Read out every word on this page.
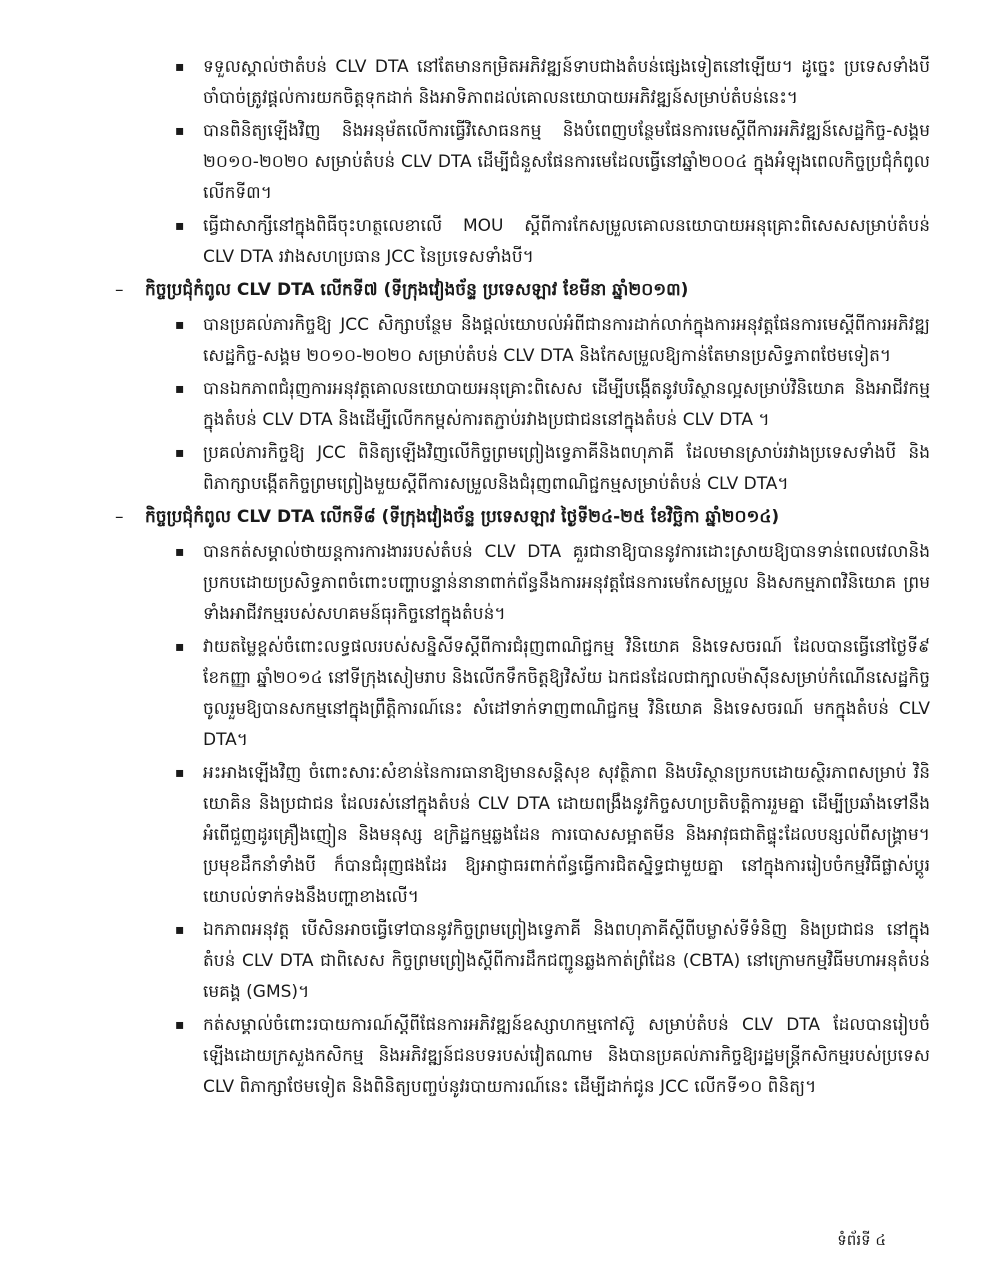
▪ ទទួលស្គាល់ថាតំបន់ CLV DTA នៅតែមានកម្រិតអភិវឌ្ឍន៍ទាបជាងតំបន់ផ្សេងទៀតនៅឡើយ។ ដូច្នេះ ប្រទេសទាំងបី ចាំបាច់ត្រូវផ្តល់ការយកចិត្តទុកដាក់ និងអាទិភាពដល់គោលនយោបាយអភិវឌ្ឍន៍សម្រាប់តំបន់នេះ។
▪ បានពិនិត្យឡើងវិញ និងអនុម័តលើការធ្វើវិសោធនកម្ម និងបំពេញបន្ថែមផែនការមេស្តីពីការអភិវឌ្ឍន៍សេដ្ឋកិច្ច-សង្គម ២០១០-២០២០ សម្រាប់តំបន់ CLV DTA ដើម្បីជំនួសផែនការមេដែលធ្វើនៅឆ្នាំ២០០៤ ក្នុងអំឡុងពេលកិច្ចប្រជុំកំពូលលើកទី៣។
▪ ធ្វើជាសាក្សីនៅក្នុងពិធីចុះហត្ថលេខាលើ MOU ស្តីពីការកែសម្រួលគោលនយោបាយអនុគ្រោះពិសេសសម្រាប់តំបន់ CLV DTA រវាងសហប្រធាន JCC នៃប្រទេសទាំងបី។
– កិច្ចប្រជុំកំពូល CLV DTA លើកទី៧ (ទីក្រុងវៀងច័ន្ទ ប្រទេសឡាវ ខែមីនា ឆ្នាំ២០១៣)
▪ បានប្រគល់ភារកិច្ចឱ្យ JCC សិក្សាបន្ថែម និងផ្តល់យោបល់អំពីជានការដាក់លាក់ក្នុងការអនុវត្តផែនការមេស្តីពីការអភិវឌ្ឍសេដ្ឋកិច្ច-សង្គម ២០១០-២០២០ សម្រាប់តំបន់ CLV DTA និងកែសម្រួលឱ្យកាន់តែមានប្រសិទ្ធភាពថែមទៀត។
▪ បានឯកភាពជំរុញការអនុវត្តគោលនយោបាយអនុគ្រោះពិសេស ដើម្បីបង្កើតនូវបរិស្ថានល្អសម្រាប់វិនិយោគ និងអាជីវកម្ម ក្នុងតំបន់ CLV DTA និងដើម្បីលើកកម្ពស់ការតភ្ជាប់រវាងប្រជាជននៅក្នុងតំបន់ CLV DTA ។
▪ ប្រគល់ភារកិច្ចឱ្យ JCC ពិនិត្យឡើងវិញលើកិច្ចព្រមព្រៀងទ្វេភាគីនិងពហុភាគី ដែលមានស្រាប់រវាងប្រទេសទាំងបី និងពិភាក្សាបង្កើតកិច្ចព្រមព្រៀងមួយស្តីពីការសម្រួលនិងជំរុញពាណិជ្ជកម្មសម្រាប់តំបន់ CLV DTA។
– កិច្ចប្រជុំកំពូល CLV DTA លើកទី៨ (ទីក្រុងវៀងច័ន្ទ ប្រទេសឡាវ ថ្ងៃទី២៤-២៥ ខែវិច្ឆិកា ឆ្នាំ២០១៤)
▪ បានកត់សម្គាល់ថាយន្តការការងាររបស់តំបន់ CLV DTA គួរជានាឱ្យបាននូវការដោះស្រាយឱ្យបានទាន់ពេលវេលានិងប្រកបដោយប្រសិទ្ធភាពចំពោះបញ្ហាបន្ទាន់នានាពាក់ព័ន្ធនឹងការអនុវត្តផែនការមេកែសម្រួល និងសកម្មភាពវិនិយោគ ព្រមទាំងអាជីវកម្មរបស់សហគមន៍ធុរកិច្ចនៅក្នុងតំបន់។
▪ វាយតម្លៃខ្ពស់ចំពោះលទ្ធផលរបស់សន្និសីទស្តីពីការជំរុញពាណិជ្ជកម្ម វិនិយោគ និងទេសចរណ៍ ដែលបានធ្វើនៅថ្ងៃទី៩ ខែកញ្ញា ឆ្នាំ២០១៤ នៅទីក្រុងសៀមរាប និងលើកទឹកចិត្តឱ្យវិស័យ ឯកជនដែលជាក្បាលម៉ាស៊ីនសម្រាប់កំណើនសេដ្ឋកិច្ច ចូលរួមឱ្យបានសកម្មនៅក្នុងព្រឹត្តិការណ៍នេះ សំដៅទាក់ទាញពាណិជ្ជកម្ម វិនិយោគ និងទេសចរណ៍ មកក្នុងតំបន់ CLV DTA។
▪ អះអាងឡើងវិញ ចំពោះសារៈសំខាន់នៃការធានាឱ្យមានសន្តិសុខ សុវត្ថិភាព និងបរិស្ថានប្រកបដោយស្ថិរភាពសម្រាប់ វិនិយោគិន និងប្រជាជន ដែលរស់នៅក្នុងតំបន់ CLV DTA ដោយពង្រឹងនូវកិច្ចសហប្រតិបត្តិការរួមគ្នា ដើម្បីប្រឆាំងទៅនឹងអំពើជួញដូរគ្រឿងញៀន និងមនុស្ស ឧក្រិដ្ឋកម្មឆ្លងដែន ការបោសសម្អាតមីន និងអាវុធជាតិផ្ទុះដែលបន្សល់ពីសង្គ្រាម។ ប្រមុខដឹកនាំទាំងបី ក៏បានជំរុញផងដែរ ឱ្យអាជ្ញាធរពាក់ព័ន្ធធ្វើការជិតស្និទ្ធជាមួយគ្នា នៅក្នុងការរៀបចំកម្មវិធីផ្លាស់ប្តូរយោបល់ទាក់ទងនឹងបញ្ហាខាងលើ។
▪ ឯកភាពអនុវត្ត បើសិនអាចធ្វើទៅបាននូវកិច្ចព្រមព្រៀងទ្វេភាគី និងពហុភាគីស្តីពីបម្លាស់ទីទំនិញ និងប្រជាជន នៅក្នុងតំបន់ CLV DTA ជាពិសេស កិច្ចព្រមព្រៀងស្តីពីការដឹកជញ្ជូនឆ្លងកាត់ព្រំដែន (CBTA) នៅក្រោមកម្មវិធីមហាអនុតំបន់មេគង្គ (GMS)។
▪ កត់សម្គាល់ចំពោះរបាយការណ៍ស្តីពីផែនការអភិវឌ្ឍន៍ឧស្សាហកម្មកៅស៊ូ សម្រាប់តំបន់ CLV DTA ដែលបានរៀបចំឡើងដោយក្រសួងកសិកម្ម និងអភិវឌ្ឍន៍ជនបទរបស់វៀតណាម និងបានប្រគល់ភារកិច្ចឱ្យរដ្ឋមន្ត្រីកសិកម្មរបស់ប្រទេស CLV ពិភាក្សាថែមទៀត និងពិនិត្យបញ្ចប់នូវរបាយការណ៍នេះ ដើម្បីដាក់ជូន JCC លើកទី១០ ពិនិត្យ។
ទំព័រទី ៤
